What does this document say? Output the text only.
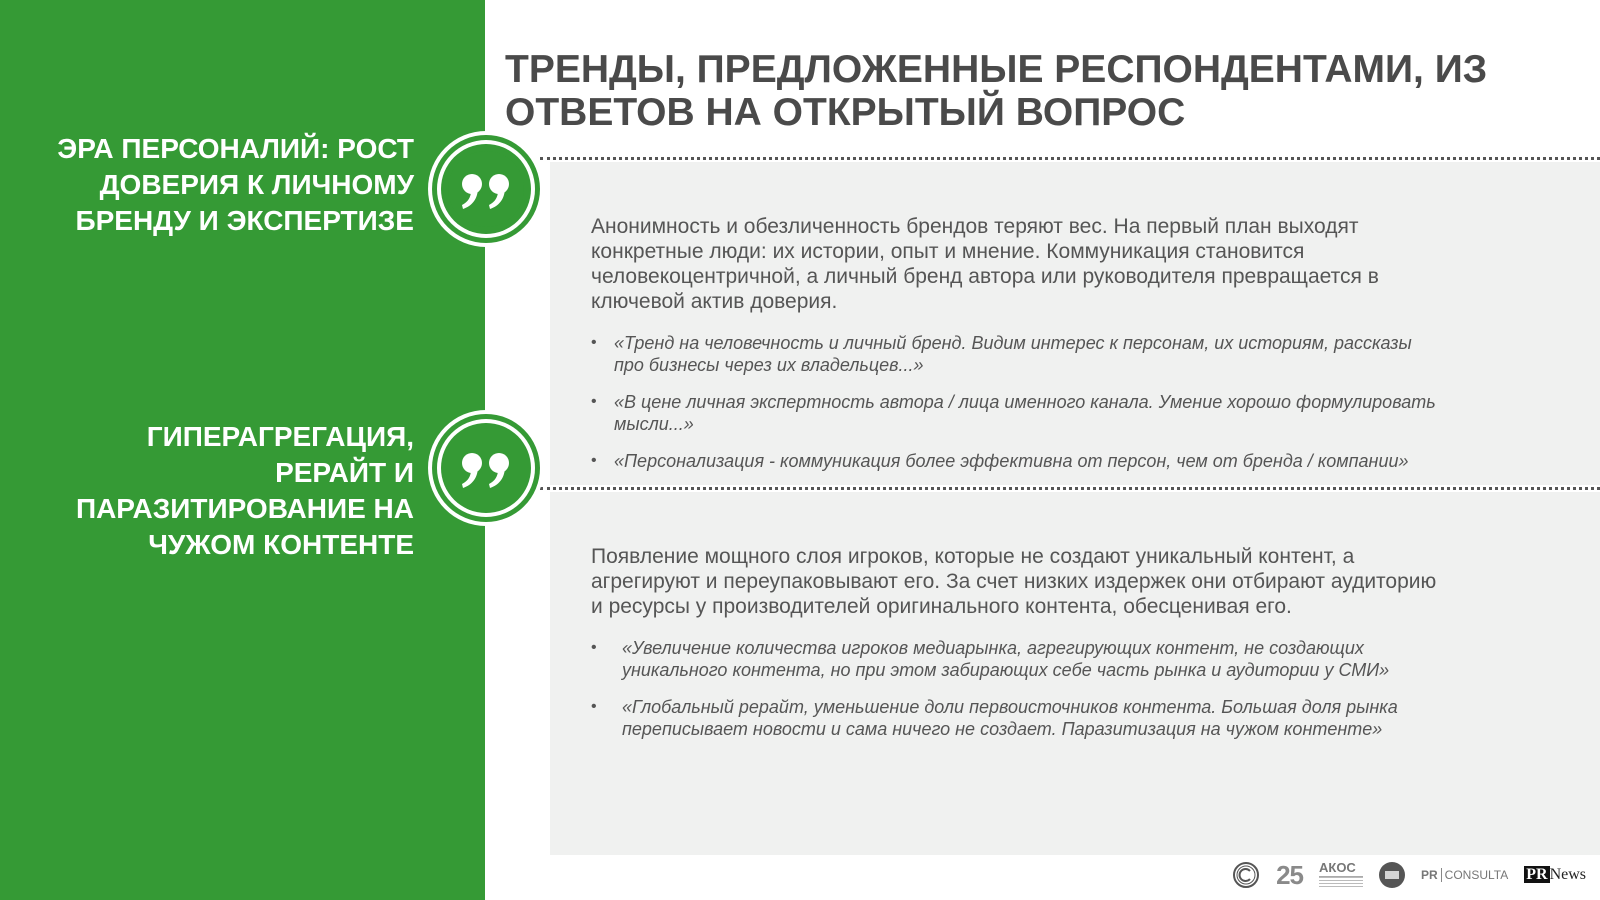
ТРЕНДЫ, ПРЕДЛОЖЕННЫЕ РЕСПОНДЕНТАМИ, ИЗ
ОТВЕТОВ НА ОТКРЫТЫЙ ВОПРОС
ЭРА ПЕРСОНАЛИЙ: РОСТ
ДОВЕРИЯ К ЛИЧНОМУ
БРЕНДУ И ЭКСПЕРТИЗЕ
ГИПЕРАГРЕГАЦИЯ,
РЕРАЙТ И
ПАРАЗИТИРОВАНИЕ НА
ЧУЖОМ КОНТЕНТЕ

Анонимность и обезличенность брендов теряют вес. На первый план выходят
конкретные люди: их истории, опыт и мнение. Коммуникация становится
человекоцентричной, а личный бренд автора или руководителя превращается в
ключевой актив доверия.

• «Тренд на человечность и личный бренд. Видим интерес к персонам, их историям, рассказы
про бизнесы через их владельцев...»
• «В цене личная экспертность автора / лица именного канала. Умение хорошо формулировать
мысли...»
• «Персонализация - коммуникация более эффективна от персон, чем от бренда / компании»

Появление мощного слоя игроков, которые не создают уникальный контент, а
агрегируют и переупаковывают его. За счет низких издержек они отбирают аудиторию
и ресурсы у производителей оригинального контента, обесценивая его.

• «Увеличение количества игроков медиарынка, агрегирующих контент, не создающих
уникального контента, но при этом забирающих себе часть рынка и аудитории у СМИ»
• «Глобальный рерайт, уменьшение доли первоисточников контента. Большая доля рынка
переписывает новости и сама ничего не создает. Паразитизация на чужом контенте»
25 АКОС	PR CONSULTA PR News
